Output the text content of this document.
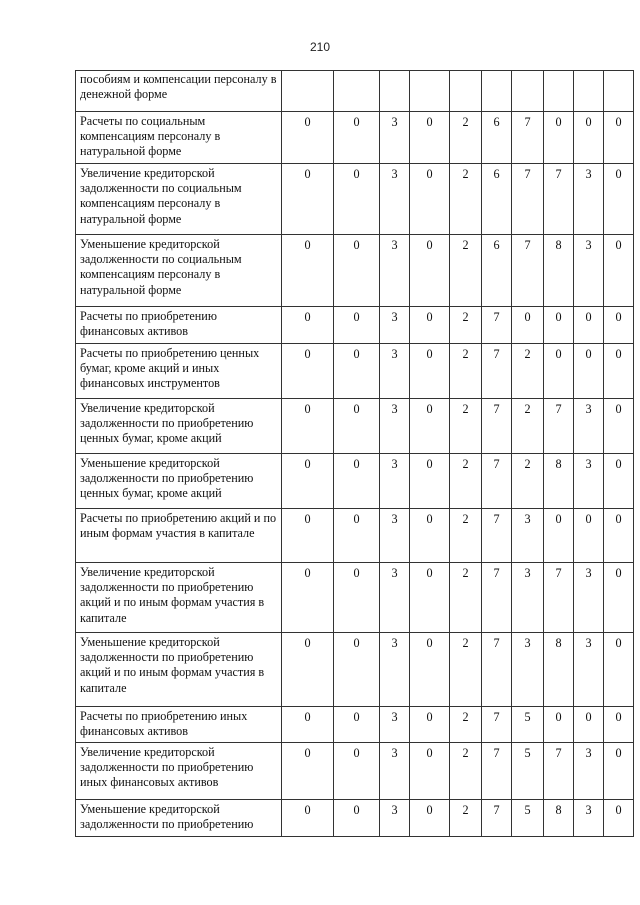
210
пособиям и компенсации персоналу в денежной форме										
Расчеты по социальным компенсациям персоналу в натуральной форме	0	0	3	0	2	6	7	0	0	0
Увеличение кредиторской задолженности по социальным компенсациям персоналу в натуральной форме	0	0	3	0	2	6	7	7	3	0
Уменьшение кредиторской задолженности по социальным компенсациям персоналу в натуральной форме	0	0	3	0	2	6	7	8	3	0
Расчеты по приобретению финансовых активов	0	0	3	0	2	7	0	0	0	0
Расчеты по приобретению ценных бумаг, кроме акций и иных финансовых инструментов	0	0	3	0	2	7	2	0	0	0
Увеличение кредиторской задолженности по приобретению ценных бумаг, кроме акций	0	0	3	0	2	7	2	7	3	0
Уменьшение кредиторской задолженности по приобретению ценных бумаг, кроме акций	0	0	3	0	2	7	2	8	3	0
Расчеты по приобретению акций и по иным формам участия в капитале	0	0	3	0	2	7	3	0	0	0
Увеличение кредиторской задолженности по приобретению акций и по иным формам участия в капитале	0	0	3	0	2	7	3	7	3	0
Уменьшение кредиторской задолженности по приобретению акций и по иным формам участия в капитале	0	0	3	0	2	7	3	8	3	0
Расчеты по приобретению иных финансовых активов	0	0	3	0	2	7	5	0	0	0
Увеличение кредиторской задолженности по приобретению иных финансовых активов	0	0	3	0	2	7	5	7	3	0
Уменьшение кредиторской задолженности по приобретению	0	0	3	0	2	7	5	8	3	0
